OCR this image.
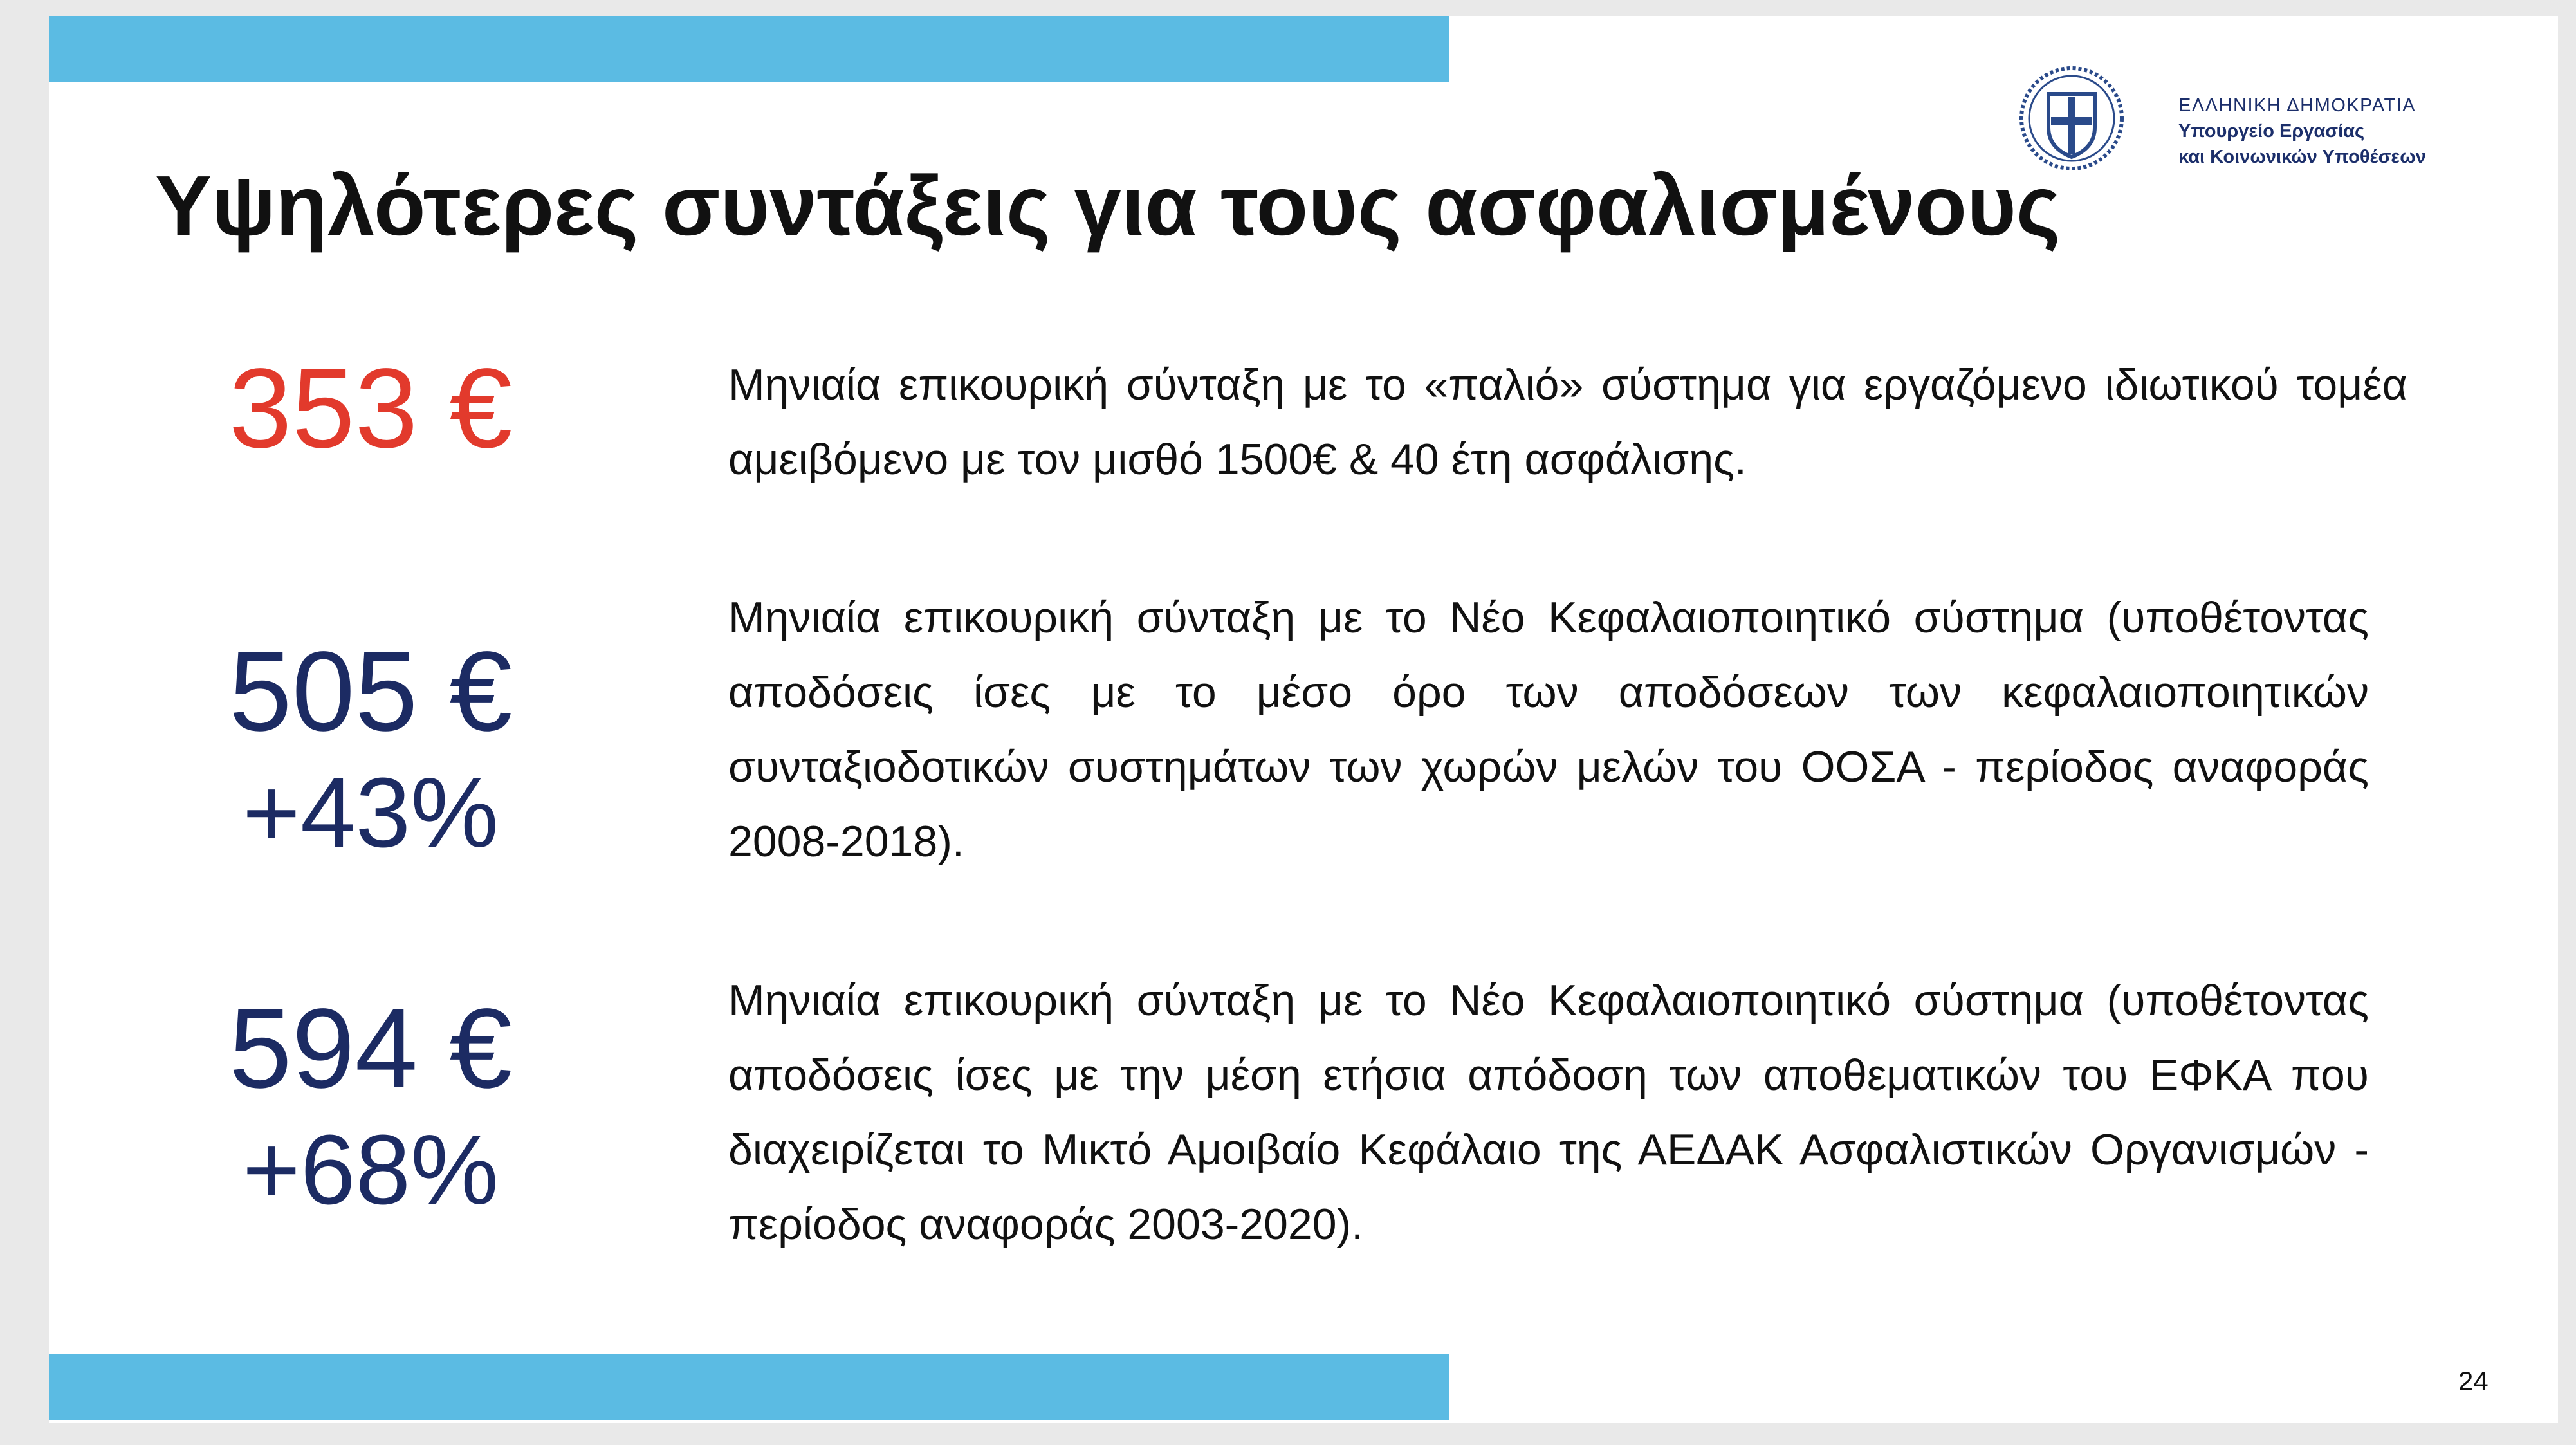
ΕΛΛΗΝΙΚΗ ΔΗΜΟΚΡΑΤΙΑ
Υπουργείο Εργασίας
και Κοινωνικών Υποθέσεων
Υψηλότερες συντάξεις για τους ασφαλισμένους
353 €	Μηνιαία επικουρική σύνταξη με το «παλιό» σύστημα για εργαζόμενο ιδιωτικού τομέα αμειβόμενο με τον μισθό 1500€ & 40 έτη ασφάλισης.
505 €
+43%
Μηνιαία επικουρική σύνταξη με το Νέο Κεφαλαιοποιητικό σύστημα (υποθέτοντας αποδόσεις ίσες με το μέσο όρο των αποδόσεων των κεφαλαιοποιητικών συνταξιοδοτικών συστημάτων των χωρών μελών του ΟΟΣΑ - περίοδος αναφοράς 2008-2018).
594 €
+68%
Μηνιαία επικουρική σύνταξη με το Νέο Κεφαλαιοποιητικό σύστημα (υποθέτοντας αποδόσεις ίσες με την μέση ετήσια απόδοση των αποθεματικών του ΕΦΚΑ που διαχειρίζεται το Μικτό Αμοιβαίο Κεφάλαιο της ΑΕΔΑΚ Ασφαλιστικών Οργανισμών - περίοδος αναφοράς 2003-2020).
24
